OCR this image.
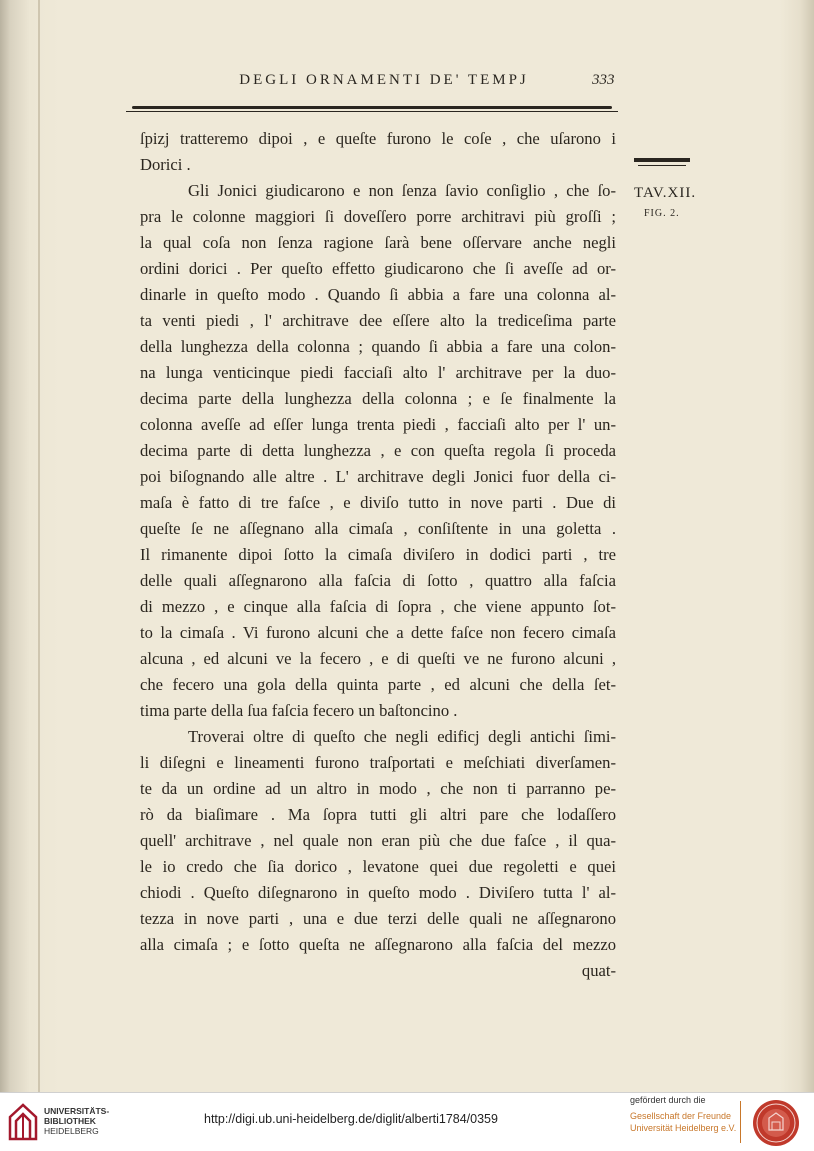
DEGLI ORNAMENTI DE' TEMPJ	333
TAV.XII.
FIG. 2.
ſpizj tratteremo dipoi , e queſte furono le coſe , che uſarono i
Dorici .
Gli Jonici giudicarono e non ſenza ſavio conſiglio , che ſo-
pra le colonne maggiori ſi doveſſero porre architravi più groſſi ;
la qual coſa non ſenza ragione ſarà bene oſſervare anche negli
ordini dorici . Per queſto effetto giudicarono che ſi aveſſe ad or-
dinarle in queſto modo . Quando ſi abbia a fare una colonna al-
ta venti piedi , l' architrave dee eſſere alto la trediceſima parte
della lunghezza della colonna ; quando ſi abbia a fare una colon-
na lunga venticinque piedi facciaſi alto l' architrave per la duo-
decima parte della lunghezza della colonna ; e ſe finalmente la
colonna aveſſe ad eſſer lunga trenta piedi , facciaſi alto per l' un-
decima parte di detta lunghezza , e con queſta regola ſi proceda
poi biſognando alle altre . L' architrave degli Jonici fuor della ci-
maſa è fatto di tre faſce , e diviſo tutto in nove parti . Due di
queſte ſe ne aſſegnano alla cimaſa , conſiſtente in una goletta .
Il rimanente dipoi ſotto la cimaſa diviſero in dodici parti , tre
delle quali aſſegnarono alla faſcia di ſotto , quattro alla faſcia
di mezzo , e cinque alla faſcia di ſopra , che viene appunto ſot-
to la cimaſa . Vi furono alcuni che a dette faſce non fecero cimaſa
alcuna , ed alcuni ve la fecero , e di queſti ve ne furono alcuni ,
che fecero una gola della quinta parte , ed alcuni che della ſet-
tima parte della ſua faſcia fecero un baſtoncino .
Troverai oltre di queſto che negli edificj degli antichi ſimi-
li diſegni e lineamenti furono traſportati e meſchiati diverſamen-
te da un ordine ad un altro in modo , che non ti parranno pe-
rò da biaſimare . Ma ſopra tutti gli altri pare che lodaſſero
quell' architrave , nel quale non eran più che due faſce , il qua-
le io credo che ſia dorico , levatone quei due regoletti e quei
chiodi . Queſto diſegnarono in queſto modo . Diviſero tutta l' al-
tezza in nove parti , una e due terzi delle quali ne aſſegnarono
alla cimaſa ; e ſotto queſta ne aſſegnarono alla faſcia del mezzo
quat-
UNIVERSITÄTS-
BIBLIOTHEK
HEIDELBERG
http://digi.ub.uni-heidelberg.de/diglit/alberti1784/0359
gefördert durch die
Gesellschaft der Freunde
Universität Heidelberg e.V.
